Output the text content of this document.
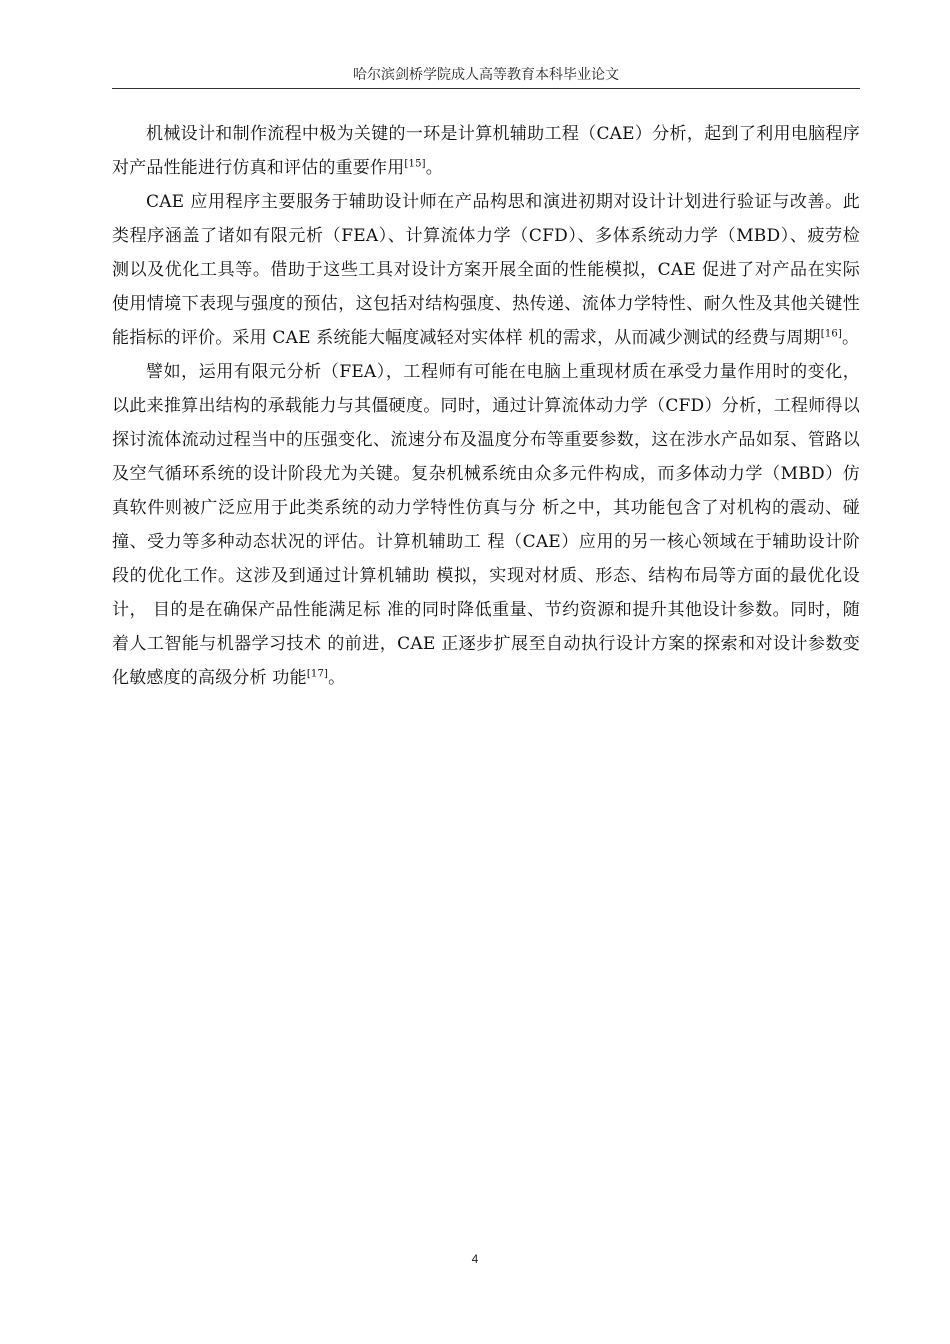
哈尔滨剑桥学院成人高等教育本科毕业论文

机械设计和制作流程中极为关键的一环是计算机辅助工程（CAE）分析，起到了利用电脑程序对产品性能进行仿真和评估的重要作用[15]。

CAE 应用程序主要服务于辅助设计师在产品构思和演进初期对设计计划进行验证与改善。此类程序涵盖了诸如有限元析（FEA）、计算流体力学（CFD）、多体系统动力学（MBD）、疲劳检测以及优化工具等。借助于这些工具对设计方案开展全面的性能模拟，CAE 促进了对产品在实际使用情境下表现与强度的预估，这包括对结构强度、热传递、流体力学特性、耐久性及其他关键性能指标的评价。采用 CAE 系统能大幅度减轻对实体样 机的需求，从而减少测试的经费与周期[16]。

譬如，运用有限元分析（FEA），工程师有可能在电脑上重现材质在承受力量作用时的变化，以此来推算出结构的承载能力与其僵硬度。同时，通过计算流体动力学（CFD）分析，工程师得以探讨流体流动过程当中的压强变化、流速分布及温度分布等重要参数，这在涉水产品如泵、管路以及空气循环系统的设计阶段尤为关键。复杂机械系统由众多元件构成，而多体动力学（MBD）仿真软件则被广泛应用于此类系统的动力学特性仿真与分 析之中，其功能包含了对机构的震动、碰撞、受力等多种动态状况的评估。计算机辅助工 程（CAE）应用的另一核心领域在于辅助设计阶段的优化工作。这涉及到通过计算机辅助 模拟，实现对材质、形态、结构布局等方面的最优化设计， 目的是在确保产品性能满足标 准的同时降低重量、节约资源和提升其他设计参数。同时，随着人工智能与机器学习技术 的前进，CAE 正逐步扩展至自动执行设计方案的探索和对设计参数变化敏感度的高级分析 功能[17]。

4
